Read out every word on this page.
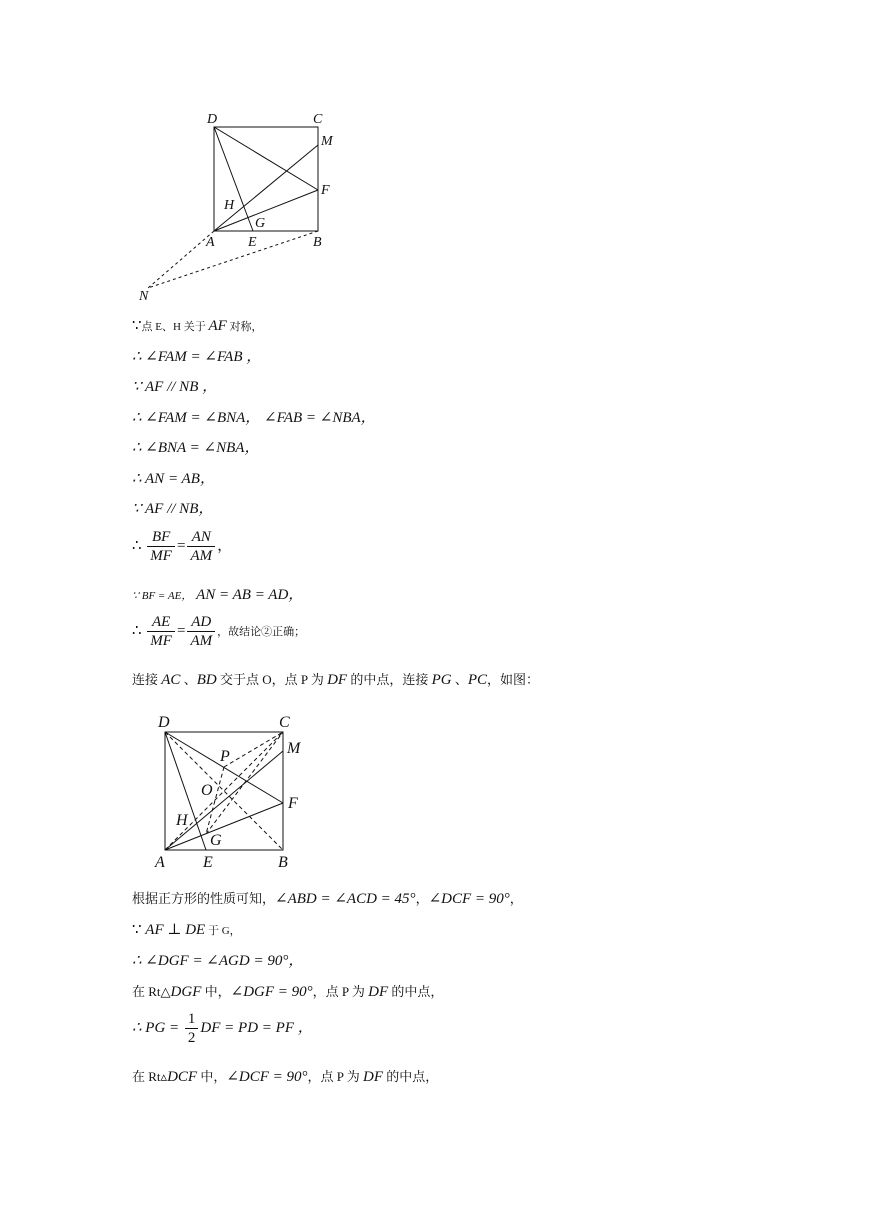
D	C
M
F
H
G
A E	B
N
∵点 E、H 关于 AF 对称，
∴ ∠FAM = ∠FAB ，
∵ AF // NB ，
∴ ∠FAM = ∠BNA， ∠FAB = ∠NBA，
∴ ∠BNA = ∠NBA，
∴ AN = AB，
∵ AF // NB，
∴ $\frac{BF}{MF} = \frac{AN}{AM}$ ，
∵ BF = AE， AN = AB = AD，
∴ $\frac{AE}{MF} = \frac{AD}{AM}$ ，故结论②正确；
连接 AC 、BD 交于点 O，点 P 为 DF 的中点，连接 PG 、PC，如图：
D	C
M
P
O
F
H
G
A E	B
根据正方形的性质可知，∠ABD = ∠ACD = 45°，∠DCF = 90°，
∵ AF ⊥ DE 于 G，
∴ ∠DGF = ∠AGD = 90°，
在 Rt△DGF 中，∠DGF = 90°，点 P 为 DF 的中点，
∴ PG = $\frac{1}{2}$ DF = PD = PF ，
在 Rt▵DCF 中，∠DCF = 90°，点 P 为 DF 的中点，
